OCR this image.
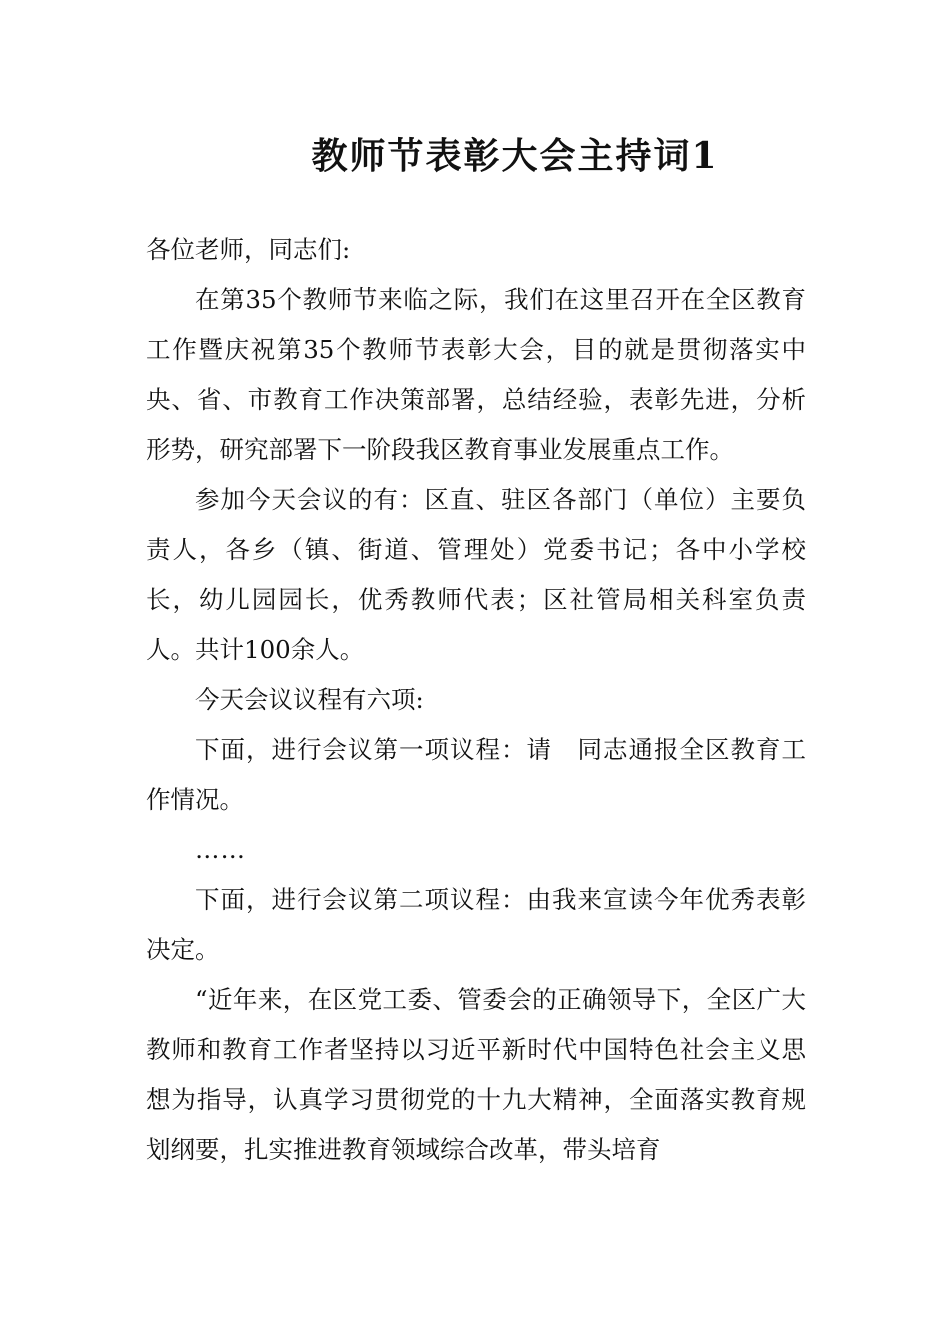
教师节表彰大会主持词1

各位老师，同志们:

在第35个教师节来临之际，我们在这里召开在全区教育工作暨庆祝第35个教师节表彰大会，目的就是贯彻落实中央、省、市教育工作决策部署，总结经验，表彰先进，分析形势，研究部署下一阶段我区教育事业发展重点工作。

参加今天会议的有：区直、驻区各部门（单位）主要负责人，各乡（镇、街道、管理处）党委书记；各中小学校长，幼儿园园长，优秀教师代表；区社管局相关科室负责人。共计100余人。

今天会议议程有六项:

下面，进行会议第一项议程：请　同志通报全区教育工作情况。

……

下面，进行会议第二项议程：由我来宣读今年优秀表彰决定。

“近年来，在区党工委、管委会的正确领导下，全区广大教师和教育工作者坚持以习近平新时代中国特色社会主义思想为指导，认真学习贯彻党的十九大精神，全面落实教育规划纲要，扎实推进教育领域综合改革，带头培育
